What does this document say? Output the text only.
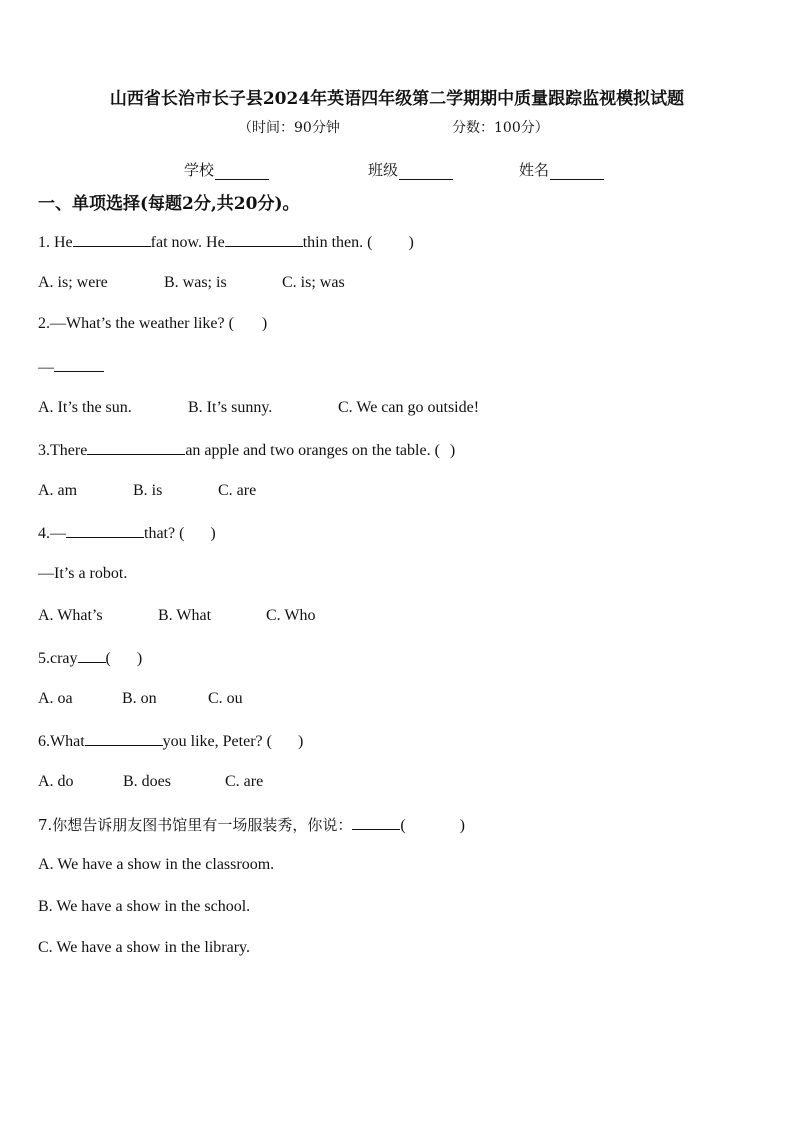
山西省长治市长子县2024年英语四年级第二学期期中质量跟踪监视模拟试题
（时间：90分钟	分数：100分）
学校	班级	姓名
一、单项选择(每题2分,共20分)。
1. He	fat now. He	thin then. ( )
A. is; were	B. was; is	C. is; was
2.—What’s the weather like? ( )
—
A. It’s the sun.	B. It’s sunny.	C. We can go outside!
3.There	an apple and two oranges on the table. ( )
A. am	B. is	C. are
4.—	that? ( )
—It’s a robot.
A. What’s	B. What	C. Who
5.cray ( )
A. oa	B. on	C. ou
6.What	you like, Peter? ( )
A. do	B. does	C. are
7.你想告诉朋友图书馆里有一场服装秀，你说：	(	)
A. We have a show in the classroom.
B. We have a show in the school.
C. We have a show in the library.
